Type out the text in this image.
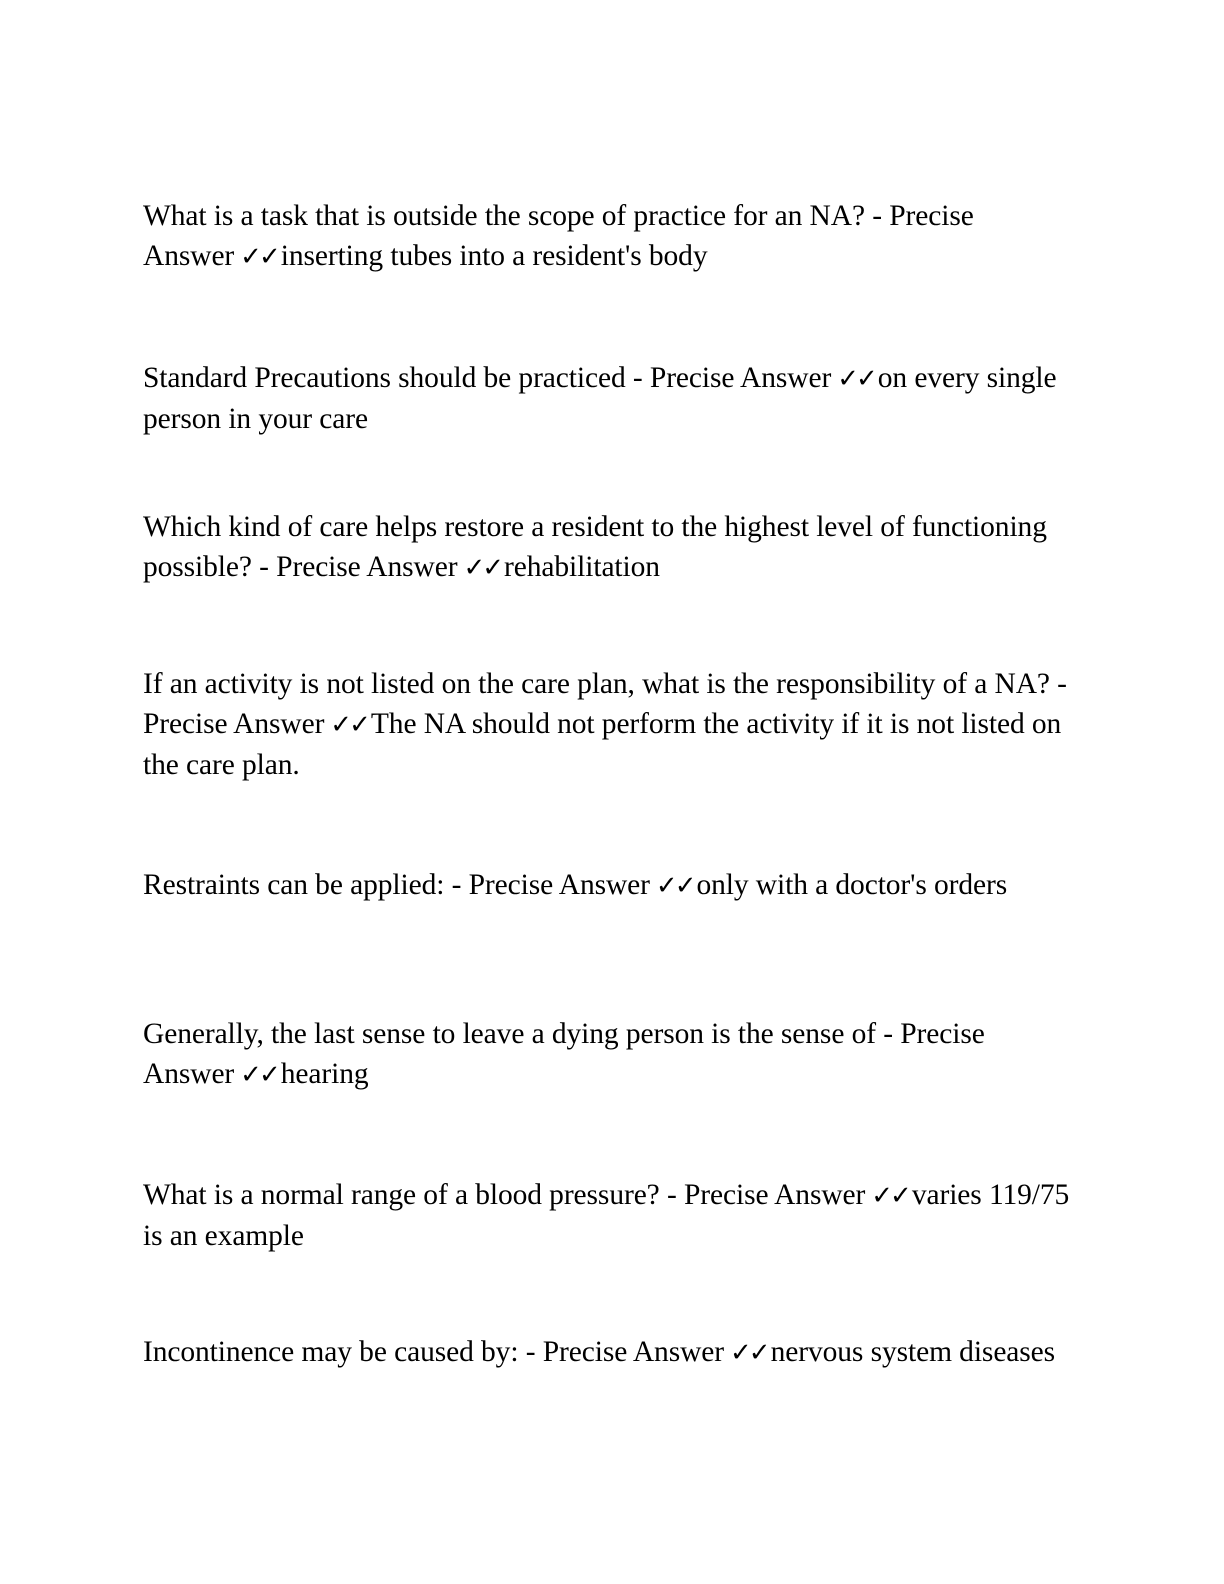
What is a task that is outside the scope of practice for an NA? - Precise Answer ✓✓ inserting tubes into a resident's body

Standard Precautions should be practiced - Precise Answer ✓✓ on every single person in your care

Which kind of care helps restore a resident to the highest level of functioning possible? - Precise Answer ✓✓ rehabilitation

If an activity is not listed on the care plan, what is the responsibility of a NA? - Precise Answer ✓✓ The NA should not perform the activity if it is not listed on the care plan.

Restraints can be applied: - Precise Answer ✓✓ only with a doctor's orders

Generally, the last sense to leave a dying person is the sense of - Precise Answer ✓✓ hearing

What is a normal range of a blood pressure? - Precise Answer ✓✓ varies 119/75 is an example

Incontinence may be caused by: - Precise Answer ✓✓ nervous system diseases
